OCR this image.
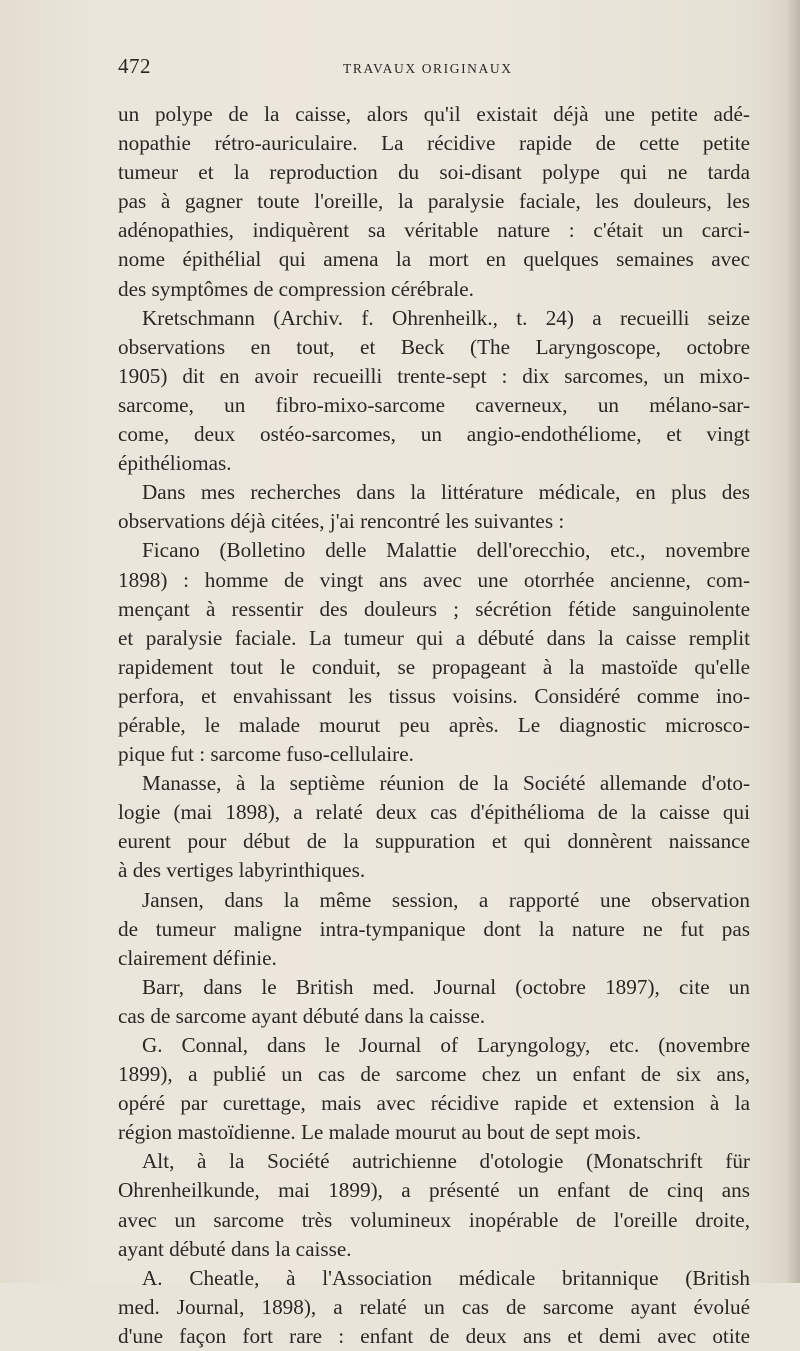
472	TRAVAUX ORIGINAUX
un polype de la caisse, alors qu'il existait déjà une petite adé-
nopathie rétro-auriculaire. La récidive rapide de cette petite
tumeur et la reproduction du soi-disant polype qui ne tarda
pas à gagner toute l'oreille, la paralysie faciale, les douleurs, les
adénopathies, indiquèrent sa véritable nature : c'était un carci-
nome épithélial qui amena la mort en quelques semaines avec
des symptômes de compression cérébrale.
Kretschmann (Archiv. f. Ohrenheilk., t. 24) a recueilli seize
observations en tout, et Beck (The Laryngoscope, octobre
1905) dit en avoir recueilli trente-sept : dix sarcomes, un mixo-
sarcome, un fibro-mixo-sarcome caverneux, un mélano-sar-
come, deux ostéo-sarcomes, un angio-endothéliome, et vingt
épithéliomas.
Dans mes recherches dans la littérature médicale, en plus des
observations déjà citées, j'ai rencontré les suivantes :
Ficano (Bolletino delle Malattie dell'orecchio, etc., novembre
1898) : homme de vingt ans avec une otorrhée ancienne, com-
mençant à ressentir des douleurs ; sécrétion fétide sanguinolente
et paralysie faciale. La tumeur qui a débuté dans la caisse remplit
rapidement tout le conduit, se propageant à la mastoïde qu'elle
perfora, et envahissant les tissus voisins. Considéré comme ino-
pérable, le malade mourut peu après. Le diagnostic microsco-
pique fut : sarcome fuso-cellulaire.
Manasse, à la septième réunion de la Société allemande d'oto-
logie (mai 1898), a relaté deux cas d'épithélioma de la caisse qui
eurent pour début de la suppuration et qui donnèrent naissance
à des vertiges labyrinthiques.
Jansen, dans la même session, a rapporté une observation
de tumeur maligne intra-tympanique dont la nature ne fut pas
clairement définie.
Barr, dans le British med. Journal (octobre 1897), cite un
cas de sarcome ayant débuté dans la caisse.
G. Connal, dans le Journal of Laryngology, etc. (novembre
1899), a publié un cas de sarcome chez un enfant de six ans,
opéré par curettage, mais avec récidive rapide et extension à la
région mastoïdienne. Le malade mourut au bout de sept mois.
Alt, à la Société autrichienne d'otologie (Monatschrift für
Ohrenheilkunde, mai 1899), a présenté un enfant de cinq ans
avec un sarcome très volumineux inopérable de l'oreille droite,
ayant débuté dans la caisse.
A. Cheatle, à l'Association médicale britannique (British
med. Journal, 1898), a relaté un cas de sarcome ayant évolué
d'une façon fort rare : enfant de deux ans et demi avec otite
